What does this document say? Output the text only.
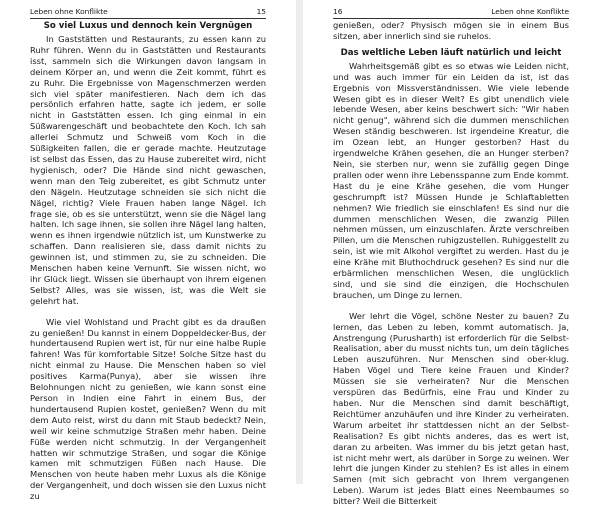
Leben ohne Konflikte	15
So viel Luxus und dennoch kein Vergnügen

In Gaststätten und Restaurants, zu essen kann zu Ruhr führen. Wenn du in Gaststätten und Restaurants isst, sammeln sich die Wirkungen davon langsam in deinem Körper an, und wenn die Zeit kommt, führt es zu Ruhr. Die Ergebnisse von Magenschmerzen werden sich viel später manifestieren. Nach dem ich das persönlich erfahren hatte, sagte ich jedem, er solle nicht in Gaststätten essen. Ich ging einmal in ein Süßwarengeschäft und beobachtete den Koch. Ich sah allerlei Schmutz und Schweiß vom Koch in die Süßigkeiten fallen, die er gerade machte. Heutzutage ist selbst das Essen, das zu Hause zubereitet wird, nicht hygienisch, oder? Die Hände sind nicht gewaschen, wenn man den Teig zubereitet, es gibt Schmutz unter den Nägeln. Heutzutage schneiden sie sich nicht die Nägel, richtig? Viele Frauen haben lange Nägel. Ich frage sie, ob es sie unterstützt, wenn sie die Nägel lang halten. Ich sage ihnen, sie sollen ihre Nägel lang halten, wenn es ihnen irgendwie nützlich ist, um Kunstwerke zu schaffen. Dann realisieren sie, dass damit nichts zu gewinnen ist, und stimmen zu, sie zu schneiden. Die Menschen haben keine Vernunft. Sie wissen nicht, wo ihr Glück liegt. Wissen sie überhaupt von ihrem eigenen Selbst? Alles, was sie wissen, ist, was die Welt sie gelehrt hat.

Wie viel Wohlstand und Pracht gibt es da draußen zu genießen! Du kannst in einem Doppeldecker-Bus, der hundertausend Rupien wert ist, für nur eine halbe Rupie fahren! Was für komfortable Sitze! Solche Sitze hast du nicht einmal zu Hause. Die Menschen haben so viel positives Karma(Punya), aber sie wissen ihre Belohnungen nicht zu genießen, wie kann sonst eine Person in Indien eine Fahrt in einem Bus, der hundertausend Rupien kostet, genießen? Wenn du mit dem Auto reist, wirst du dann mit Staub bedeckt? Nein, weil wir keine schmutzige Straßen mehr haben. Deine Füße werden nicht schmutzig. In der Vergangenheit hatten wir schmutzige Straßen, und sogar die Könige kamen mit schmutzigen Füßen nach Hause. Die Menschen von heute haben mehr Luxus als die Könige der Vergangenheit, und doch wissen sie den Luxus nicht zu

16	Leben ohne Konflikte

genießen, oder? Physisch mögen sie in einem Bus sitzen, aber innerlich sind sie ruhelos.

Das weltliche Leben läuft natürlich und leicht

Wahrheitsgemäß gibt es so etwas wie Leiden nicht, und was auch immer für ein Leiden da ist, ist das Ergebnis von Missverständnissen. Wie viele lebende Wesen gibt es in dieser Welt? Es gibt unendlich viele lebende Wesen, aber keins beschwert sich: "Wir haben nicht genug", während sich die dummen menschlichen Wesen ständig beschweren. Ist irgendeine Kreatur, die im Ozean lebt, an Hunger gestorben? Hast du irgendwelche Krähen gesehen, die an Hunger sterben? Nein, sie sterben nur, wenn sie zufällig gegen Dinge prallen oder wenn ihre Lebensspanne zum Ende kommt. Hast du je eine Krähe gesehen, die vom Hunger geschrumpft ist? Müssen Hunde je Schlaftabletten nehmen? Wie friedlich sie einschlafen! Es sind nur die dummen menschlichen Wesen, die zwanzig Pillen nehmen müssen, um einzuschlafen. Ärzte verschreiben Pillen, um die Menschen ruhigzustellen. Ruhiggestellt zu sein, ist wie mit Alkohol vergiftet zu werden. Hast du je eine Krähe mit Bluthochdruck gesehen? Es sind nur die erbärmlichen menschlichen Wesen, die unglücklich sind, und sie sind die einzigen, die Hochschulen brauchen, um Dinge zu lernen.

Wer lehrt die Vögel, schöne Nester zu bauen? Zu lernen, das Leben zu leben, kommt automatisch. Ja, Anstrengung (Purusharth) ist erforderlich für die Selbst-Realisation, aber du musst nichts tun, um dein tägliches Leben auszuführen. Nur Menschen sind ober-klug. Haben Vögel und Tiere keine Frauen und Kinder? Müssen sie sie verheiraten? Nur die Menschen verspüren das Bedürfnis, eine Frau und Kinder zu haben. Nur die Menschen sind damit beschäftigt, Reichtümer anzuhäufen und ihre Kinder zu verheiraten. Warum arbeitet ihr stattdessen nicht an der Selbst-Realisation? Es gibt nichts anderes, das es wert ist, daran zu arbeiten. Was immer du bis jetzt getan hast, ist nicht mehr wert, als darüber in Sorge zu weinen. Wer lehrt die jungen Kinder zu stehlen? Es ist alles in einem Samen (mit sich gebracht von Ihrem vergangenen Leben). Warum ist jedes Blatt eines Neembaumes so bitter? Weil die Bitterkeit
